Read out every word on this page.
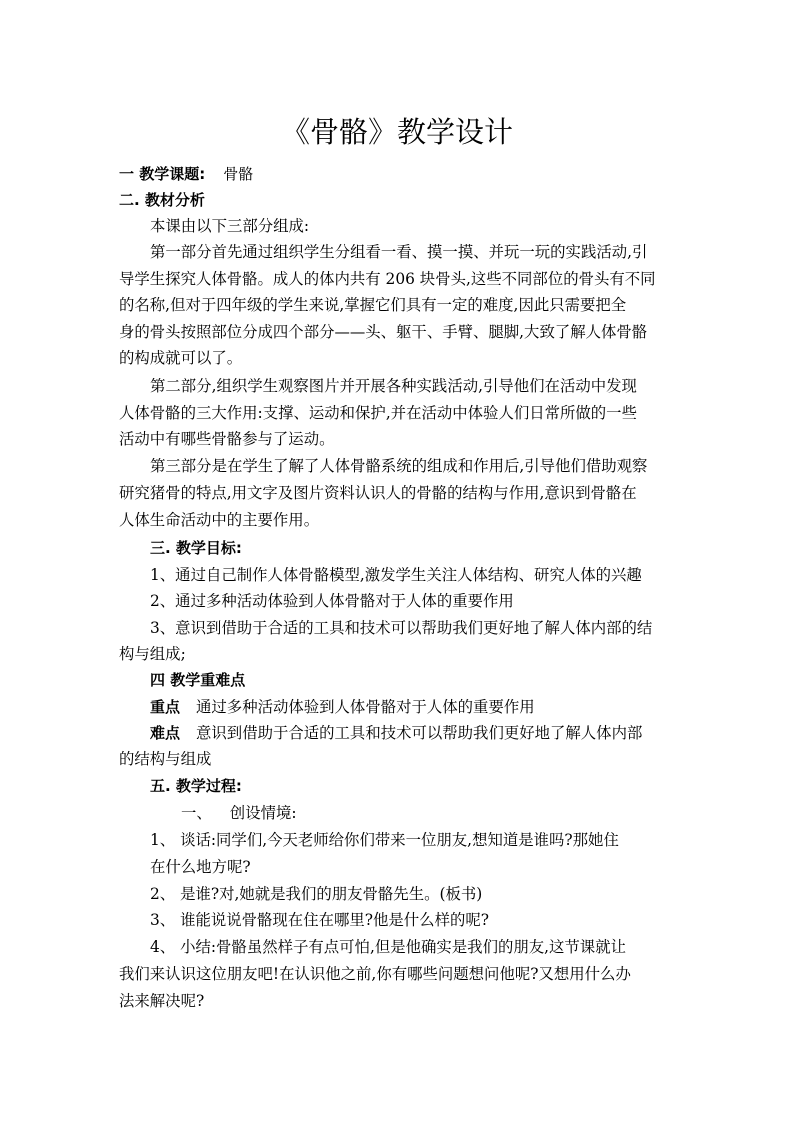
《骨骼》教学设计
一 教学课题: 骨骼
二. 教材分析
本课由以下三部分组成:
第一部分首先通过组织学生分组看一看、摸一摸、并玩一玩的实践活动,引
导学生探究人体骨骼。成人的体内共有 206 块骨头,这些不同部位的骨头有不同
的名称,但对于四年级的学生来说,掌握它们具有一定的难度,因此只需要把全
身的骨头按照部位分成四个部分——头、躯干、手臂、腿脚,大致了解人体骨骼
的构成就可以了。
第二部分,组织学生观察图片并开展各种实践活动,引导他们在活动中发现
人体骨骼的三大作用:支撑、运动和保护,并在活动中体验人们日常所做的一些
活动中有哪些骨骼参与了运动。
第三部分是在学生了解了人体骨骼系统的组成和作用后,引导他们借助观察
研究猪骨的特点,用文字及图片资料认识人的骨骼的结构与作用,意识到骨骼在
人体生命活动中的主要作用。
三. 教学目标:
1、通过自己制作人体骨骼模型,激发学生关注人体结构、研究人体的兴趣
2、通过多种活动体验到人体骨骼对于人体的重要作用
3、意识到借助于合适的工具和技术可以帮助我们更好地了解人体内部的结
构与组成;
四 教学重难点
重点 通过多种活动体验到人体骨骼对于人体的重要作用
难点 意识到借助于合适的工具和技术可以帮助我们更好地了解人体内部
的结构与组成
五. 教学过程:
一、 创设情境:
1、 谈话:同学们,今天老师给你们带来一位朋友,想知道是谁吗?那她住
在什么地方呢?
2、 是谁?对,她就是我们的朋友骨骼先生。(板书)
3、 谁能说说骨骼现在住在哪里?他是什么样的呢?
4、 小结:骨骼虽然样子有点可怕,但是他确实是我们的朋友,这节课就让
我们来认识这位朋友吧!在认识他之前,你有哪些问题想问他呢?又想用什么办
法来解决呢?
